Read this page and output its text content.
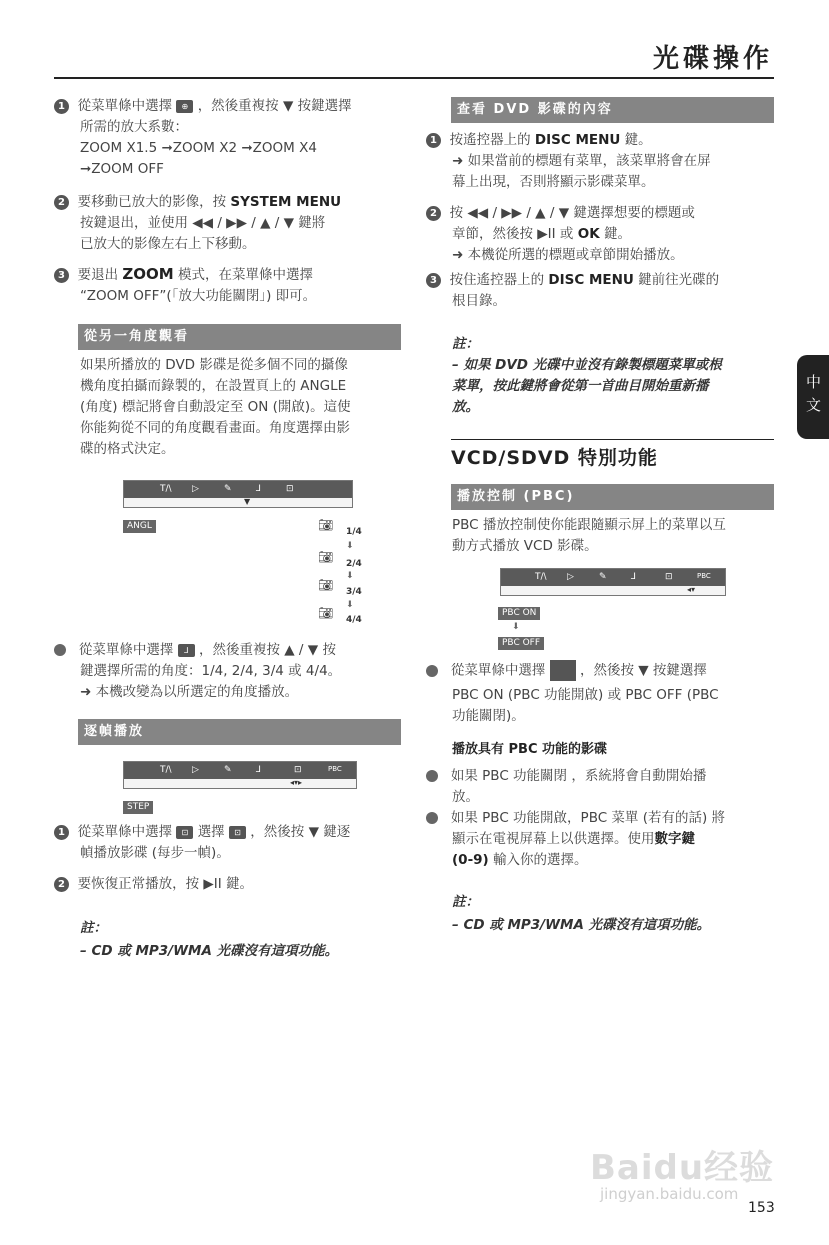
光碟操作
中文
1 從菜單條中選擇 ⊕ ，然後重複按 ▼ 按鍵選擇
所需的放大系數：
ZOOM X1.5 ➞ZOOM X2 ➞ZOOM X4
➞ZOOM OFF
2 要移動已放大的影像，按 SYSTEM MENU
按鍵退出，並使用 ◀◀ / ▶▶ / ▲ / ▼ 鍵將
已放大的影像左右上下移動。
3 要退出 ZOOM 模式，在菜單條中選擇
“ZOOM OFF”(「放大功能關閉」) 即可。
從另一角度觀看
如果所播放的 DVD 影碟是從多個不同的攝像
機角度拍攝而錄製的，在設置頁上的 ANGLE
(角度) 標記將會自動設定至 ON (開啟)。這使
你能夠從不同的角度觀看畫面。角度選擇由影
碟的格式決定。
T/\ ▷	✎	⅃	⊡
▼
ANGL	📷︎ 1/4
⬇
📷︎ 2/4
⬇
📷︎ 3/4
⬇
📷︎ 4/4
從菜單條中選擇 ⅃ ，然後重複按 ▲ / ▼ 按
鍵選擇所需的角度：1/4, 2/4, 3/4 或 4/4。
➜ 本機改變為以所選定的角度播放。
逐幀播放
T/\ ▷	✎	⅃	⊡	PBC
◂▾▸
STEP
1 從菜單條中選擇 ⊡ 選擇 ⊡ ，然後按 ▼ 鍵逐
幀播放影碟 (每步一幀)。
2 要恢復正常播放，按 ▶II 鍵。
註：
– CD 或 MP3/WMA 光碟沒有這項功能。
查看 DVD 影碟的內容
1 按遙控器上的 DISC MENU 鍵。
➜ 如果當前的標題有菜單，該菜單將會在屏
幕上出現，否則將顯示影碟菜單。
2 按 ◀◀ / ▶▶ / ▲ / ▼ 鍵選擇想要的標題或
章節，然後按 ▶II 或 OK 鍵。
➜ 本機從所選的標題或章節開始播放。
3 按住遙控器上的 DISC MENU 鍵前往光碟的
根目錄。
註：
– 如果 DVD 光碟中並沒有錄製標題菜單或根
菜單，按此鍵將會從第一首曲目開始重新播
放。
VCD/SDVD 特別功能
播放控制 (PBC)
PBC 播放控制使你能跟隨顯示屏上的菜單以互
動方式播放 VCD 影碟。
T/\ ▷	✎	⅃	⊡	PBC
◂▾
PBC ON
⬇
PBC OFF
從菜單條中選擇	，然後按 ▼ 按鍵選擇
PBC ON (PBC 功能開啟) 或 PBC OFF (PBC
功能關閉)。
播放具有 PBC 功能的影碟
如果 PBC 功能關閉 ，系統將會自動開始播
放。
如果 PBC 功能開啟，PBC 菜單 (若有的話) 將
顯示在電視屏幕上以供選擇。使用數字鍵
(0-9) 輸入你的選擇。
註：
– CD 或 MP3/WMA 光碟沒有這項功能。
Baidu经验
jingyan.baidu.com
153
